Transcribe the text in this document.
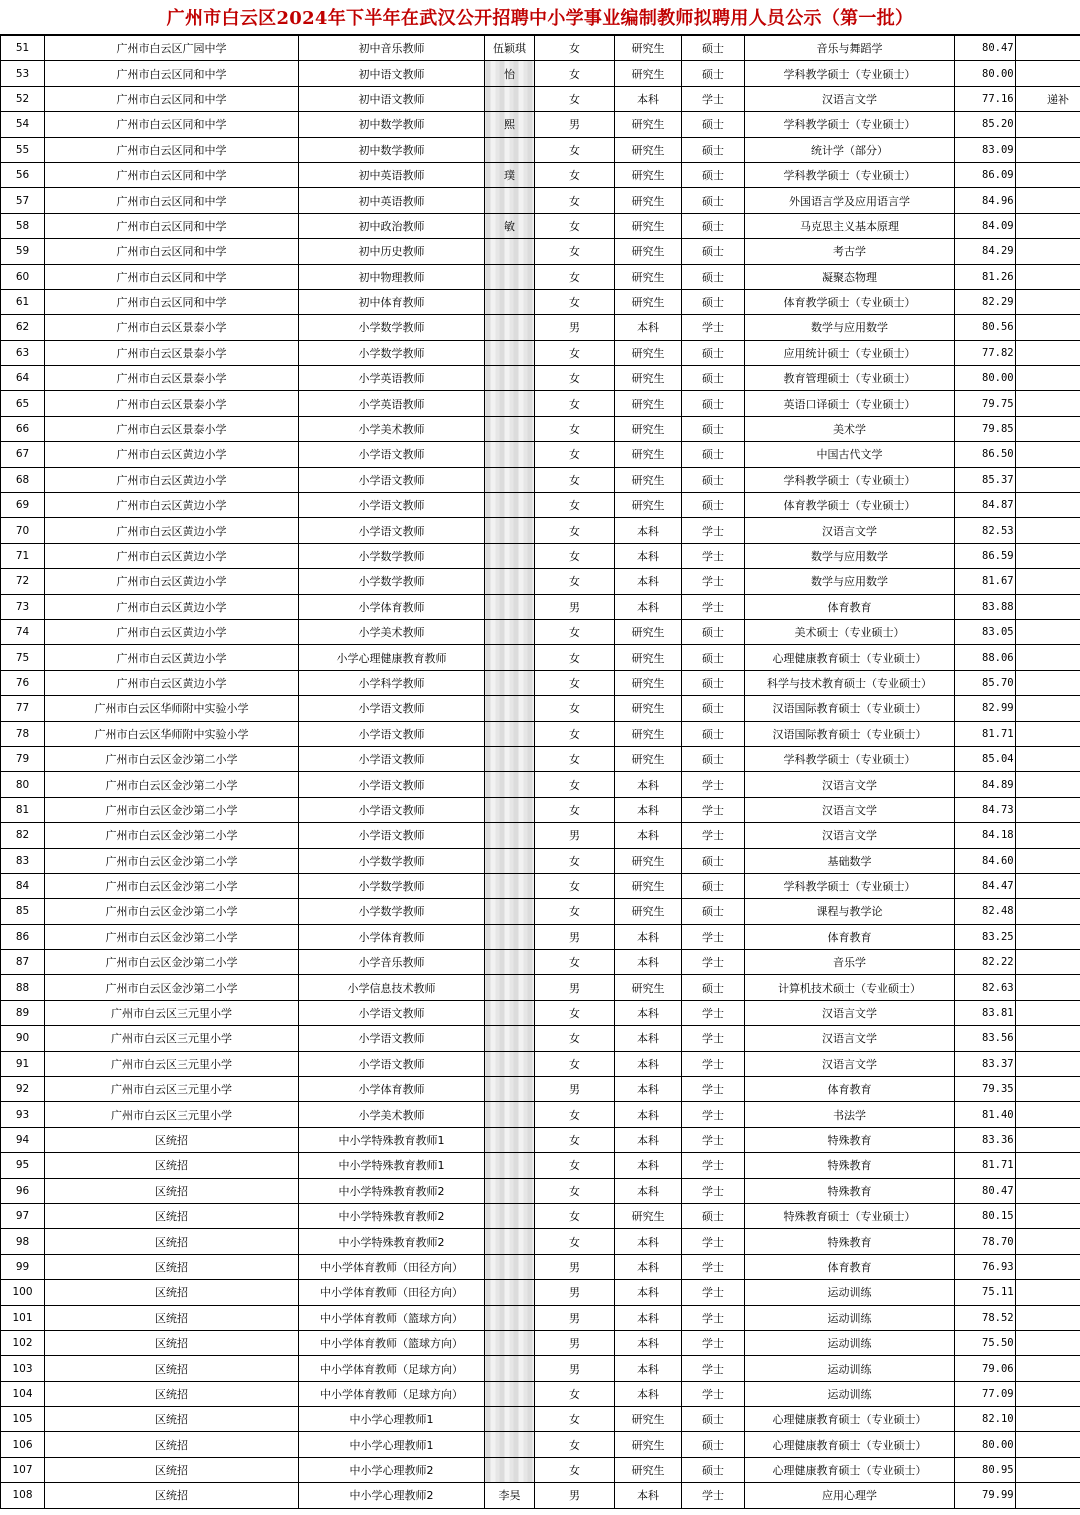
广州市白云区2024年下半年在武汉公开招聘中小学事业编制教师拟聘用人员公示（第一批）
51	广州市白云区广园中学	初中音乐教师	伍颖琪	女	研究生	硕士	音乐与舞蹈学	80.47	
53	广州市白云区同和中学	初中语文教师	怡	女	研究生	硕士	学科教学硕士（专业硕士）	80.00	
52	广州市白云区同和中学	初中语文教师		女	本科	学士	汉语言文学	77.16	递补
54	广州市白云区同和中学	初中数学教师	熙	男	研究生	硕士	学科教学硕士（专业硕士）	85.20	
55	广州市白云区同和中学	初中数学教师		女	研究生	硕士	统计学（部分）	83.09	
56	广州市白云区同和中学	初中英语教师	璞	女	研究生	硕士	学科教学硕士（专业硕士）	86.09	
57	广州市白云区同和中学	初中英语教师		女	研究生	硕士	外国语言学及应用语言学	84.96	
58	广州市白云区同和中学	初中政治教师	敏	女	研究生	硕士	马克思主义基本原理	84.09	
59	广州市白云区同和中学	初中历史教师		女	研究生	硕士	考古学	84.29	
60	广州市白云区同和中学	初中物理教师		女	研究生	硕士	凝聚态物理	81.26	
61	广州市白云区同和中学	初中体育教师		女	研究生	硕士	体育教学硕士（专业硕士）	82.29	
62	广州市白云区景泰小学	小学数学教师		男	本科	学士	数学与应用数学	80.56	
63	广州市白云区景泰小学	小学数学教师		女	研究生	硕士	应用统计硕士（专业硕士）	77.82	
64	广州市白云区景泰小学	小学英语教师		女	研究生	硕士	教育管理硕士（专业硕士）	80.00	
65	广州市白云区景泰小学	小学英语教师		女	研究生	硕士	英语口译硕士（专业硕士）	79.75	
66	广州市白云区景泰小学	小学美术教师		女	研究生	硕士	美术学	79.85	
67	广州市白云区黄边小学	小学语文教师		女	研究生	硕士	中国古代文学	86.50	
68	广州市白云区黄边小学	小学语文教师		女	研究生	硕士	学科教学硕士（专业硕士）	85.37	
69	广州市白云区黄边小学	小学语文教师		女	研究生	硕士	体育教学硕士（专业硕士）	84.87	
70	广州市白云区黄边小学	小学语文教师		女	本科	学士	汉语言文学	82.53	
71	广州市白云区黄边小学	小学数学教师		女	本科	学士	数学与应用数学	86.59	
72	广州市白云区黄边小学	小学数学教师		女	本科	学士	数学与应用数学	81.67	
73	广州市白云区黄边小学	小学体育教师		男	本科	学士	体育教育	83.88	
74	广州市白云区黄边小学	小学美术教师		女	研究生	硕士	美术硕士（专业硕士）	83.05	
75	广州市白云区黄边小学	小学心理健康教育教师		女	研究生	硕士	心理健康教育硕士（专业硕士）	88.06	
76	广州市白云区黄边小学	小学科学教师		女	研究生	硕士	科学与技术教育硕士（专业硕士）	85.70	
77	广州市白云区华师附中实验小学	小学语文教师		女	研究生	硕士	汉语国际教育硕士（专业硕士）	82.99	
78	广州市白云区华师附中实验小学	小学语文教师		女	研究生	硕士	汉语国际教育硕士（专业硕士）	81.71	
79	广州市白云区金沙第二小学	小学语文教师		女	研究生	硕士	学科教学硕士（专业硕士）	85.04	
80	广州市白云区金沙第二小学	小学语文教师		女	本科	学士	汉语言文学	84.89	
81	广州市白云区金沙第二小学	小学语文教师		女	本科	学士	汉语言文学	84.73	
82	广州市白云区金沙第二小学	小学语文教师		男	本科	学士	汉语言文学	84.18	
83	广州市白云区金沙第二小学	小学数学教师		女	研究生	硕士	基础数学	84.60	
84	广州市白云区金沙第二小学	小学数学教师		女	研究生	硕士	学科教学硕士（专业硕士）	84.47	
85	广州市白云区金沙第二小学	小学数学教师		女	研究生	硕士	课程与教学论	82.48	
86	广州市白云区金沙第二小学	小学体育教师		男	本科	学士	体育教育	83.25	
87	广州市白云区金沙第二小学	小学音乐教师		女	本科	学士	音乐学	82.22	
88	广州市白云区金沙第二小学	小学信息技术教师		男	研究生	硕士	计算机技术硕士（专业硕士）	82.63	
89	广州市白云区三元里小学	小学语文教师		女	本科	学士	汉语言文学	83.81	
90	广州市白云区三元里小学	小学语文教师		女	本科	学士	汉语言文学	83.56	
91	广州市白云区三元里小学	小学语文教师		女	本科	学士	汉语言文学	83.37	
92	广州市白云区三元里小学	小学体育教师		男	本科	学士	体育教育	79.35	
93	广州市白云区三元里小学	小学美术教师		女	本科	学士	书法学	81.40	
94	区统招	中小学特殊教育教师1		女	本科	学士	特殊教育	83.36	
95	区统招	中小学特殊教育教师1		女	本科	学士	特殊教育	81.71	
96	区统招	中小学特殊教育教师2		女	本科	学士	特殊教育	80.47	
97	区统招	中小学特殊教育教师2		女	研究生	硕士	特殊教育硕士（专业硕士）	80.15	
98	区统招	中小学特殊教育教师2		女	本科	学士	特殊教育	78.70	
99	区统招	中小学体育教师（田径方向）		男	本科	学士	体育教育	76.93	
100	区统招	中小学体育教师（田径方向）		男	本科	学士	运动训练	75.11	
101	区统招	中小学体育教师（篮球方向）		男	本科	学士	运动训练	78.52	
102	区统招	中小学体育教师（篮球方向）		男	本科	学士	运动训练	75.50	
103	区统招	中小学体育教师（足球方向）		男	本科	学士	运动训练	79.06	
104	区统招	中小学体育教师（足球方向）		女	本科	学士	运动训练	77.09	
105	区统招	中小学心理教师1		女	研究生	硕士	心理健康教育硕士（专业硕士）	82.10	
106	区统招	中小学心理教师1		女	研究生	硕士	心理健康教育硕士（专业硕士）	80.00	
107	区统招	中小学心理教师2		女	研究生	硕士	心理健康教育硕士（专业硕士）	80.95	
108	区统招	中小学心理教师2	李昊	男	本科	学士	应用心理学	79.99	
